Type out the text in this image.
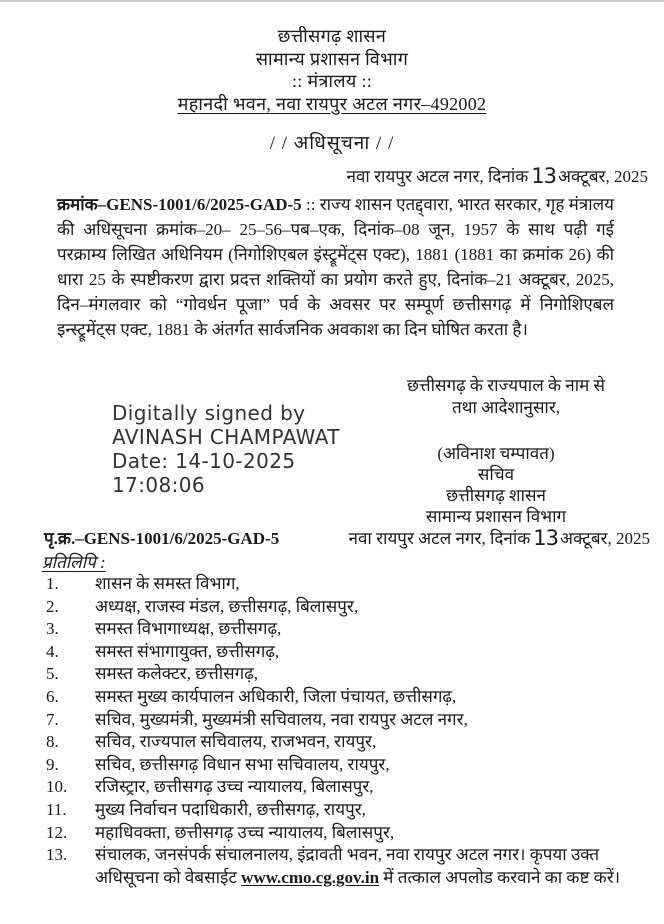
छत्तीसगढ़ शासन
सामान्य प्रशासन विभाग
:: मंत्रालय ::
महानदी भवन, नवा रायपुर अटल नगर–492002
/ / अधिसूचना / /
नवा रायपुर अटल नगर, दिनांक 13 अक्टूबर, 2025
क्रमांक–GENS-1001/6/2025-GAD-5 :: राज्य शासन एतद्द्वारा, भारत सरकार, गृह मंत्रालय की अधिसूचना क्रमांक–20– 25–56–पब–एक, दिनांक–08 जून, 1957 के साथ पढ़ी गई परक्राम्य लिखित अधिनियम (निगोशिएबल इंस्ट्रूमेंट्स एक्ट), 1881 (1881 का क्रमांक 26) की धारा 25 के स्पष्टीकरण द्वारा प्रदत्त शक्तियों का प्रयोग करते हुए, दिनांक–21 अक्टूबर, 2025, दिन–मंगलवार को “गोवर्धन पूजा” पर्व के अवसर पर सम्पूर्ण छत्तीसगढ़ में निगोशिएबल इन्स्ट्रूमेंट्स एक्ट, 1881 के अंतर्गत सार्वजनिक अवकाश का दिन घोषित करता है।
छत्तीसगढ़ के राज्यपाल के नाम से
तथा आदेशानुसार,
Digitally signed by
AVINASH CHAMPAWAT
Date: 14-10-2025
17:08:06
(अविनाश चम्पावत)
सचिव
छत्तीसगढ़ शासन
सामान्य प्रशासन विभाग
पृ.क्र.–GENS-1001/6/2025-GAD-5	नवा रायपुर अटल नगर, दिनांक 13 अक्टूबर, 2025
प्रतिलिपि :
1.	शासन के समस्त विभाग,
2.	अध्यक्ष, राजस्व मंडल, छत्तीसगढ़, बिलासपुर,
3.	समस्त विभागाध्यक्ष, छत्तीसगढ़,
4.	समस्त संभागायुक्त, छत्तीसगढ़,
5.	समस्त कलेक्टर, छत्तीसगढ़,
6.	समस्त मुख्य कार्यपालन अधिकारी, जिला पंचायत, छत्तीसगढ़,
7.	सचिव, मुख्यमंत्री, मुख्यमंत्री सचिवालय, नवा रायपुर अटल नगर,
8.	सचिव, राज्यपाल सचिवालय, राजभवन, रायपुर,
9.	सचिव, छत्तीसगढ़ विधान सभा सचिवालय, रायपुर,
10.	रजिस्ट्रार, छत्तीसगढ़ उच्च न्यायालय, बिलासपुर,
11.	मुख्य निर्वाचन पदाधिकारी, छत्तीसगढ़, रायपुर,
12.	महाधिवक्ता, छत्तीसगढ़ उच्च न्यायालय, बिलासपुर,
13.	संचालक, जनसंपर्क संचालनालय, इंद्रावती भवन, नवा रायपुर अटल नगर। कृपया उक्त अधिसूचना को वेबसाईट www.cmo.cg.gov.in में तत्काल अपलोड करवाने का कष्ट करें।
